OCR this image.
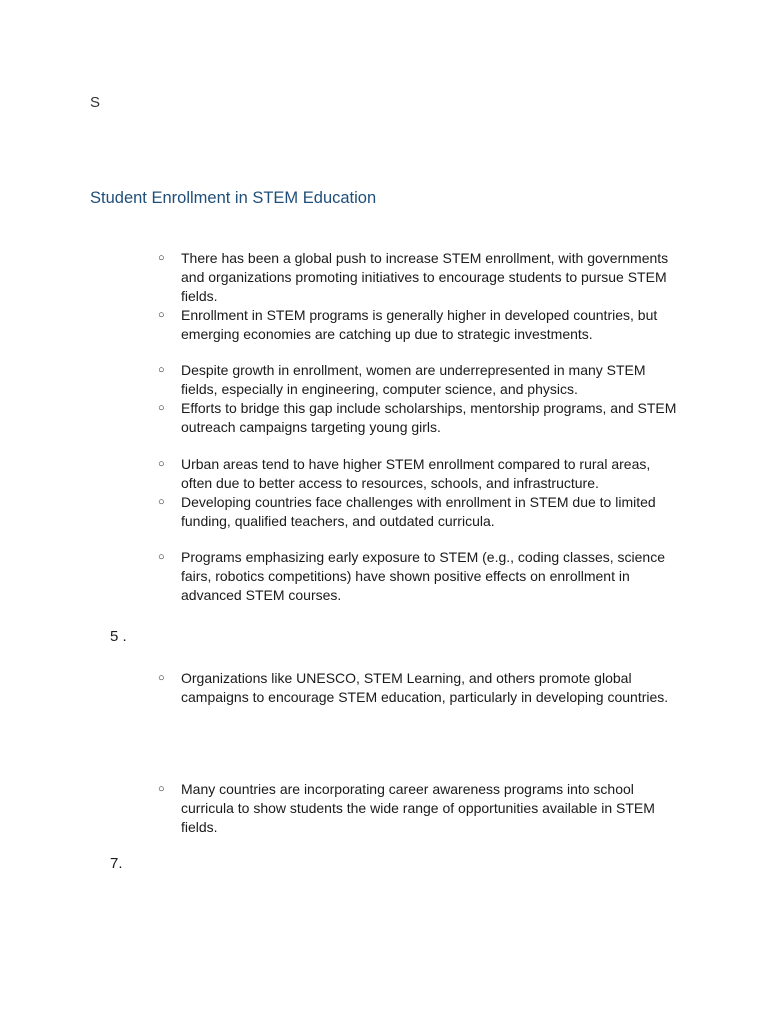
S
Student Enrollment in STEM Education
○ There has been a global push to increase STEM enrollment, with governments and organizations promoting initiatives to encourage students to pursue STEM fields.
○ Enrollment in STEM programs is generally higher in developed countries, but emerging economies are catching up due to strategic investments.
○ Despite growth in enrollment, women are underrepresented in many STEM fields, especially in engineering, computer science, and physics.
○ Efforts to bridge this gap include scholarships, mentorship programs, and STEM outreach campaigns targeting young girls.
○ Urban areas tend to have higher STEM enrollment compared to rural areas, often due to better access to resources, schools, and infrastructure.
○ Developing countries face challenges with enrollment in STEM due to limited funding, qualified teachers, and outdated curricula.
○ Programs emphasizing early exposure to STEM (e.g., coding classes, science fairs, robotics competitions) have shown positive effects on enrollment in advanced STEM courses.
5 .
○ Organizations like UNESCO, STEM Learning, and others promote global campaigns to encourage STEM education, particularly in developing countries.
○ Many countries are incorporating career awareness programs into school curricula to show students the wide range of opportunities available in STEM fields.
7.
